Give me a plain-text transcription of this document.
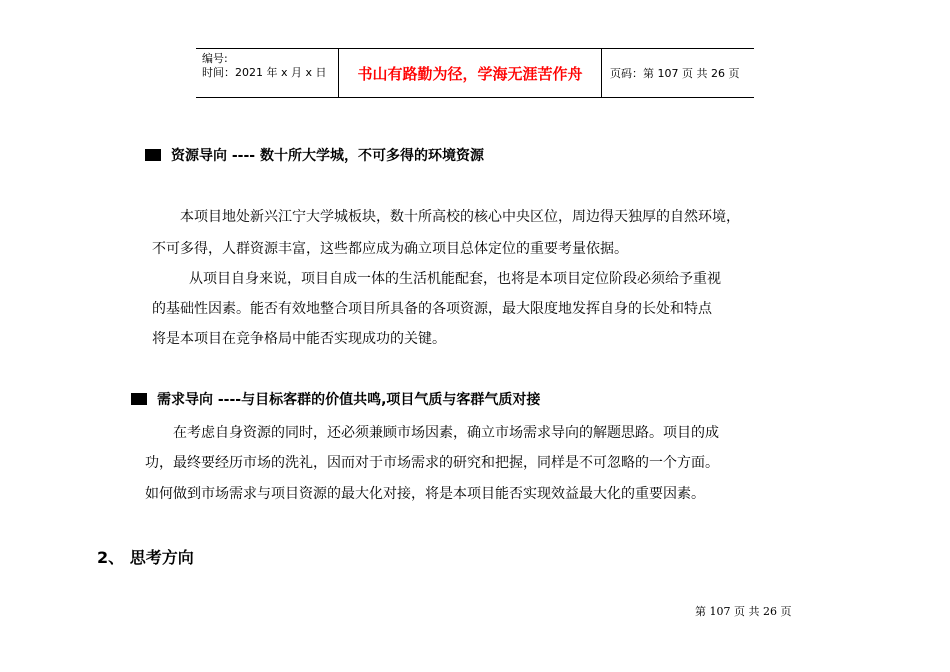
编号:
时间：2021 年 x 月 x 日	书山有路勤为径，学海无涯苦作舟	页码：第 107 页 共 26 页
资源导向 ---- 数十所大学城，不可多得的环境资源
本项目地处新兴江宁大学城板块，数十所高校的核心中央区位，周边得天独厚的自然环境，
不可多得，人群资源丰富，这些都应成为确立项目总体定位的重要考量依据。
从项目自身来说，项目自成一体的生活机能配套，也将是本项目定位阶段必须给予重视
的基础性因素。能否有效地整合项目所具备的各项资源，最大限度地发挥自身的长处和特点
将是本项目在竞争格局中能否实现成功的关键。
需求导向 ----与目标客群的价值共鸣,项目气质与客群气质对接
在考虑自身资源的同时，还必须兼顾市场因素，确立市场需求导向的解题思路。项目的成
功，最终要经历市场的洗礼，因而对于市场需求的研究和把握，同样是不可忽略的一个方面。
如何做到市场需求与项目资源的最大化对接，将是本项目能否实现效益最大化的重要因素。
2、 思考方向
第 107 页 共 26 页
